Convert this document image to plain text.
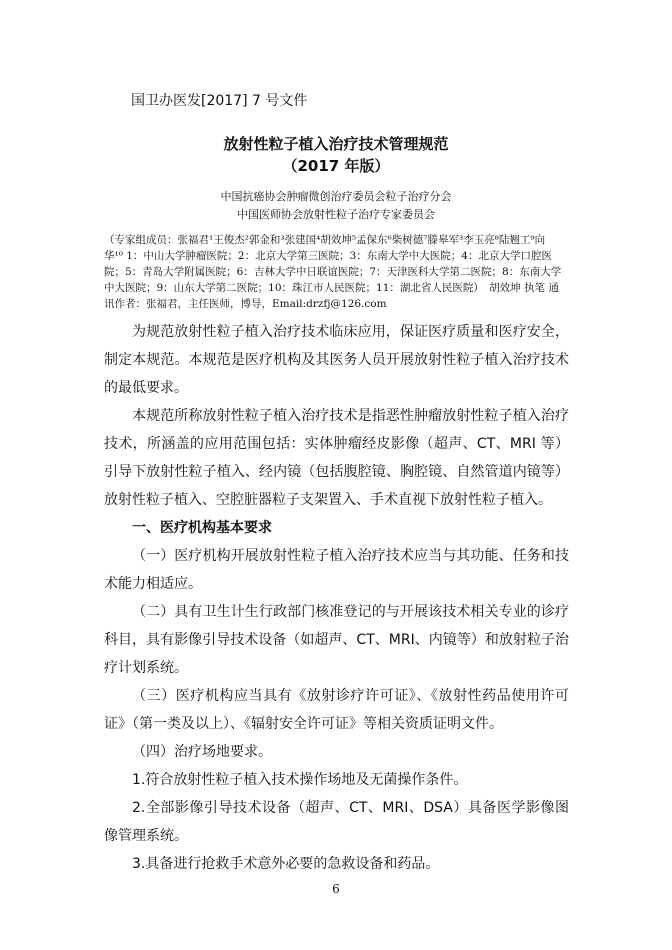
国卫办医发[2017] 7 号文件
放射性粒子植入治疗技术管理规范
（2017 年版）
中国抗癌协会肿瘤微创治疗委员会粒子治疗分会
中国医师协会放射性粒子治疗专家委员会
（专家组成员：张福君¹王俊杰²郭金和³张建国⁴胡效坤⁵孟保东⁶柴树德⁷滕皋军³李玉亮⁸陆翘工⁹向　华¹⁰ 1：中山大学肿瘤医院；2：北京大学第三医院；3：东南大学中大医院；4：北京大学口腔医院；5：青岛大学附属医院；6：吉林大学中日联谊医院；7：天津医科大学第二医院；8：东南大学中大医院；9：山东大学第二医院；10：珠江市人民医院；11：湖北省人民医院）　胡效坤 执笔 通讯作者：张福君，主任医师，博导，Email:drzfj@126.com

为规范放射性粒子植入治疗技术临床应用，保证医疗质量和医疗安全，制定本规范。本规范是医疗机构及其医务人员开展放射性粒子植入治疗技术的最低要求。

本规范所称放射性粒子植入治疗技术是指恶性肿瘤放射性粒子植入治疗技术，所涵盖的应用范围包括：实体肿瘤经皮影像（超声、CT、MRI 等）引导下放射性粒子植入、经内镜（包括腹腔镜、胸腔镜、自然管道内镜等）放射性粒子植入、空腔脏器粒子支架置入、手术直视下放射性粒子植入。

一、医疗机构基本要求

（一）医疗机构开展放射性粒子植入治疗技术应当与其功能、任务和技术能力相适应。

（二）具有卫生计生行政部门核准登记的与开展该技术相关专业的诊疗科目，具有影像引导技术设备（如超声、CT、MRI、内镜等）和放射粒子治疗计划系统。

（三）医疗机构应当具有《放射诊疗许可证》、《放射性药品使用许可证》（第一类及以上）、《辐射安全许可证》等相关资质证明文件。

（四）治疗场地要求。

1.符合放射性粒子植入技术操作场地及无菌操作条件。

2.全部影像引导技术设备（超声、CT、MRI、DSA）具备医学影像图像管理系统。

3.具备进行抢救手术意外必要的急救设备和药品。

6
